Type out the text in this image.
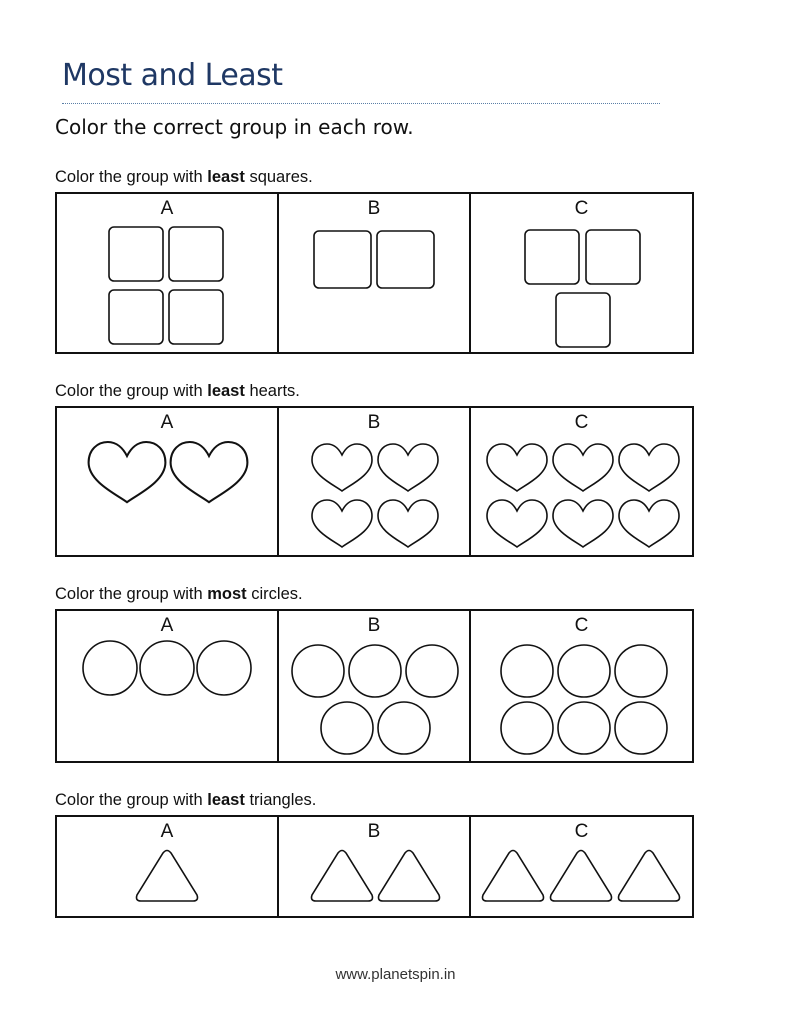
Most and Least
Color the correct group in each row.
Color the group with least squares.
A	B	C
Color the group with least hearts.
A	B	C
Color the group with most circles.
A	B	C
Color the group with least triangles.
A	B	C
www.planetspin.in
